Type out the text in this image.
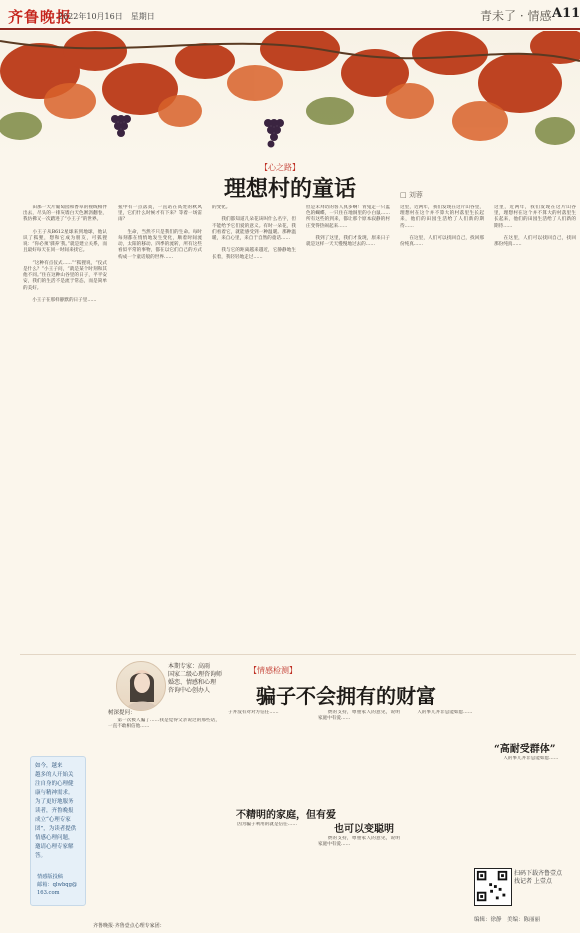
齐鲁晚报
2022年10月16日　星期日	青未了 · 情感 A11
【心之路】
理想村的童话	□ 刘蓉
　　田那一大片葡萄园和香草的视线相伴出去，尽头的一排灰墙白天色淅沥翻卷，我仿佛又一次踏进了“小王子”的世界。

　　小王子从B612星球来到地球，他认识了狐狸，想和它成为朋友，可狐狸说：“你必须‘驯养’我。”就是建立关系，而且最好每天在同一时间来找它。

　　“这种有点仪式……”“狐狸说，“仪式是什么？”小王子问，“就是某个时刻和其他不同。”住在这种山谷里的日子，平平安安，我们的生活不是流于常态，而是简单的美好。

　　小王子在那样静默的日子里……
猩中有一点落寞，一直站在高处的秋风里，它们什么时候才有下来？等着一场雷雨？

　　生命，当然不只是我们的生命。每时每刻都在悄悄地发生变化，顺着时间流动，太阳的移动、四季的流转，所有这些看似平常的事物，都在以它们自己的方式构成一个童话般的世界……
的变化。

　　我们都知道几朵花该叫什么名字，但不能给予它们爱的意义。有时一朵花，我们看着它，就能感受到一种温暖。那种温暖，来自心里，来自于自然的童话……

　　我与它的距离越来越近，它静静地生长着，我轻轻地走过……
但是未拜访的客人真多啊！青兔走一只蓝色的蝴蝶，一只住在地洞里的小白鼠……所有这些的到来，都让那个原本寂静的村庄变得热闹起来……

　　我到了这里，我们才发现，原来日子就是这样一天天慢慢地过去的……
这里，近两年，我们发现在这片山谷里，理想村在这个并不算大的村落里生长起来，他们的田园生活给了人们新的期待……

　　在这里，人们可以找回自己，找回那份纯真……
这里，近两年，我们发现在这片山谷里，理想村在这个并不算大的村落里生长起来，他们的田园生活给了人们新的期待……

　　在这里，人们可以找回自己，找回那份纯真……
本期专家：高雨
国家二级心理咨询师
婚恋、情感和心理
咨询中心创办人
【情感检测】
骗子不会拥有的财富
树深提问：
　　第一次被人骗了……我是觉得父亲说过的那些话，一直不敢相信他……
子并没有对对方信任……
不精明的家庭，但有爱
　　因为骗子利用的就是信任……
　　费的支持，尊重家人的意见，说明家庭中有爱……
也可以变聪明
　　费的支持，尊重家人的意见，说明家庭中有爱……
　　人的事儿并非总能如愿……
“高耐受群体”
　　人的事儿并非总能如愿……
如今，越来
越多的人开始关
注自身的心理健
康与精神需求。
为了更好地服务
读者，齐鲁晚报
成立“心理专家
团”，为读者提供
情感心理问题，
邀请心理专家解
答。
情感版投稿
邮箱：qlwbqg@
163.com
齐鲁晚报·齐鲁壹点心理专家团：
扫码下载齐鲁壹点
找记者 上壹点
编辑：徐静　美编：陈丽丽
